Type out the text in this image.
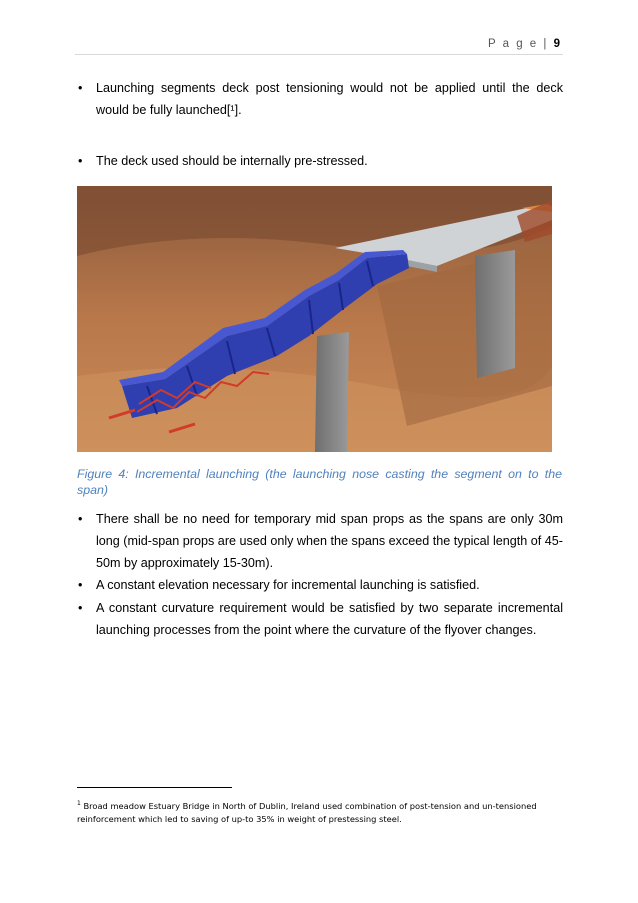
P a g e | 9
• Launching segments deck post tensioning would not be applied until the deck would be fully launched[¹].
• The deck used should be internally pre-stressed.
Figure 4: Incremental launching (the launching nose casting the segment on to the span)
• There shall be no need for temporary mid span props as the spans are only 30m long (mid-span props are used only when the spans exceed the typical length of 45-50m by approximately 15-30m).
• A constant elevation necessary for incremental launching is satisfied.
• A constant curvature requirement would be satisfied by two separate incremental launching processes from the point where the curvature of the flyover changes.
$^1$ Broad meadow Estuary Bridge in North of Dublin, Ireland used combination of post-tension and un-tensioned reinforcement which led to saving of up-to 35% in weight of prestessing steel.
